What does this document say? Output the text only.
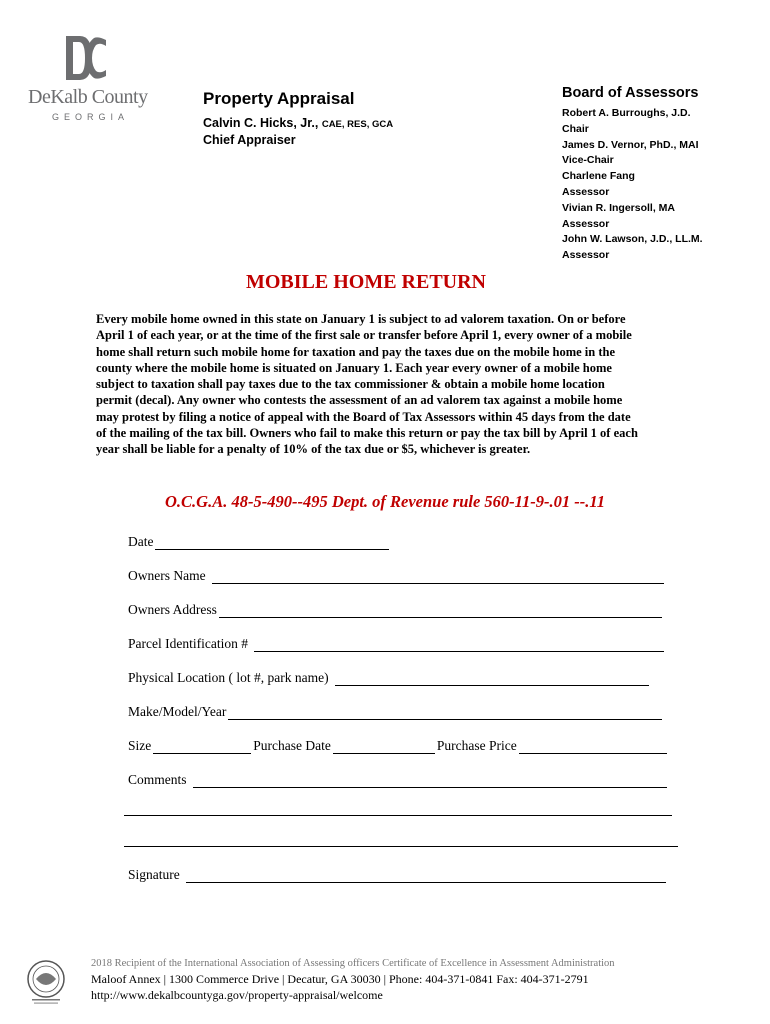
DeKalb County
GEORGIA
Property Appraisal
Calvin C. Hicks, Jr., CAE, RES, GCA
Chief Appraiser
Board of Assessors
Robert A. Burroughs, J.D.
Chair
James D. Vernor, PhD., MAI
Vice-Chair
Charlene Fang
Assessor
Vivian R. Ingersoll, MA
Assessor
John W. Lawson, J.D., LL.M.
Assessor
MOBILE HOME RETURN

Every mobile home owned in this state on January 1 is subject to ad valorem taxation. On or before April 1 of each year, or at the time of the first sale or transfer before April 1, every owner of a mobile home shall return such mobile home for taxation and pay the taxes due on the mobile home in the county where the mobile home is situated on January 1. Each year every owner of a mobile home subject to taxation shall pay taxes due to the tax commissioner & obtain a mobile home location permit (decal). Any owner who contests the assessment of an ad valorem tax against a mobile home may protest by filing a notice of appeal with the Board of Tax Assessors within 45 days from the date of the mailing of the tax bill. Owners who fail to make this return or pay the tax bill by April 1 of each year shall be liable for a penalty of 10% of the tax due or $5, whichever is greater.

O.C.G.A. 48-5-490--495 Dept. of Revenue rule 560-11-9-.01 --.11
Date
Owners Name
Owners Address
Parcel Identification #
Physical Location ( lot #, park name)
Make/Model/Year
Size	Purchase Date	Purchase Price
Comments
Signature
2018 Recipient of the International Association of Assessing officers Certificate of Excellence in Assessment Administration
Maloof Annex | 1300 Commerce Drive | Decatur, GA 30030 | Phone: 404-371-0841 Fax: 404-371-2791
http://www.dekalbcountyga.gov/property-appraisal/welcome
